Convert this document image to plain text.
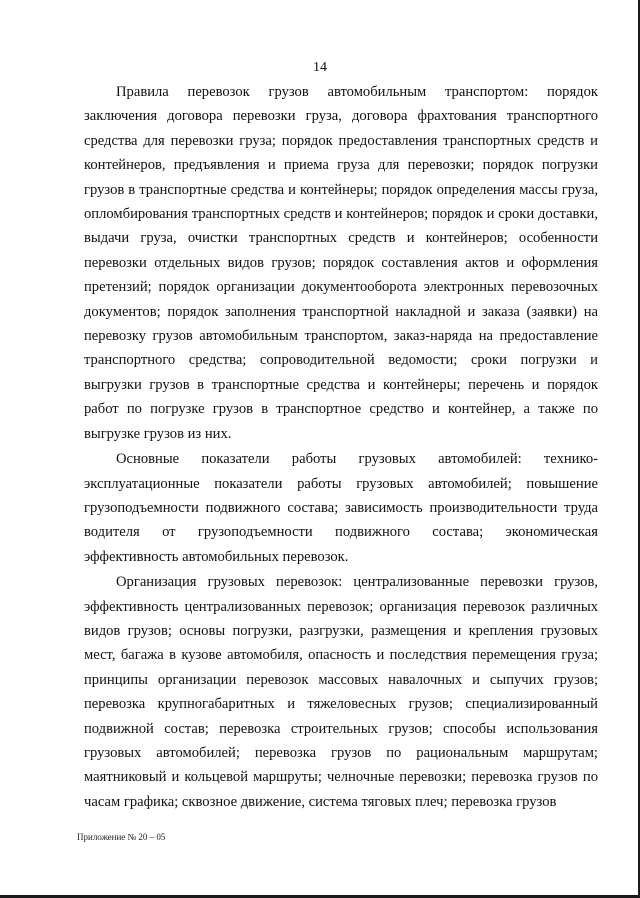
14

Правила перевозок грузов автомобильным транспортом: порядок заключения договора перевозки груза, договора фрахтования транспортного средства для перевозки груза; порядок предоставления транспортных средств и контейнеров, предъявления и приема груза для перевозки; порядок погрузки грузов в транспортные средства и контейнеры; порядок определения массы груза, опломбирования транспортных средств и контейнеров; порядок и сроки доставки, выдачи груза, очистки транспортных средств и контейнеров; особенности перевозки отдельных видов грузов; порядок составления актов и оформления претензий; порядок организации документооборота электронных перевозочных документов; порядок заполнения транспортной накладной и заказа (заявки) на перевозку грузов автомобильным транспортом, заказ-наряда на предоставление транспортного средства; сопроводительной ведомости; сроки погрузки и выгрузки грузов в транспортные средства и контейнеры; перечень и порядок работ по погрузке грузов в транспортное средство и контейнер, а также по выгрузке грузов из них.

Основные показатели работы грузовых автомобилей: технико-эксплуатационные показатели работы грузовых автомобилей; повышение грузоподъемности подвижного состава; зависимость производительности труда водителя от грузоподъемности подвижного состава; экономическая эффективность автомобильных перевозок.

Организация грузовых перевозок: централизованные перевозки грузов, эффективность централизованных перевозок; организация перевозок различных видов грузов; основы погрузки, разгрузки, размещения и крепления грузовых мест, багажа в кузове автомобиля, опасность и последствия перемещения груза; принципы организации перевозок массовых навалочных и сыпучих грузов; перевозка крупногабаритных и тяжеловесных грузов; специализированный подвижной состав; перевозка строительных грузов; способы использования грузовых автомобилей; перевозка грузов по рациональным маршрутам; маятниковый и кольцевой маршруты; челночные перевозки; перевозка грузов по часам графика; сквозное движение, система тяговых плеч; перевозка грузов

Приложение № 20 – 05
